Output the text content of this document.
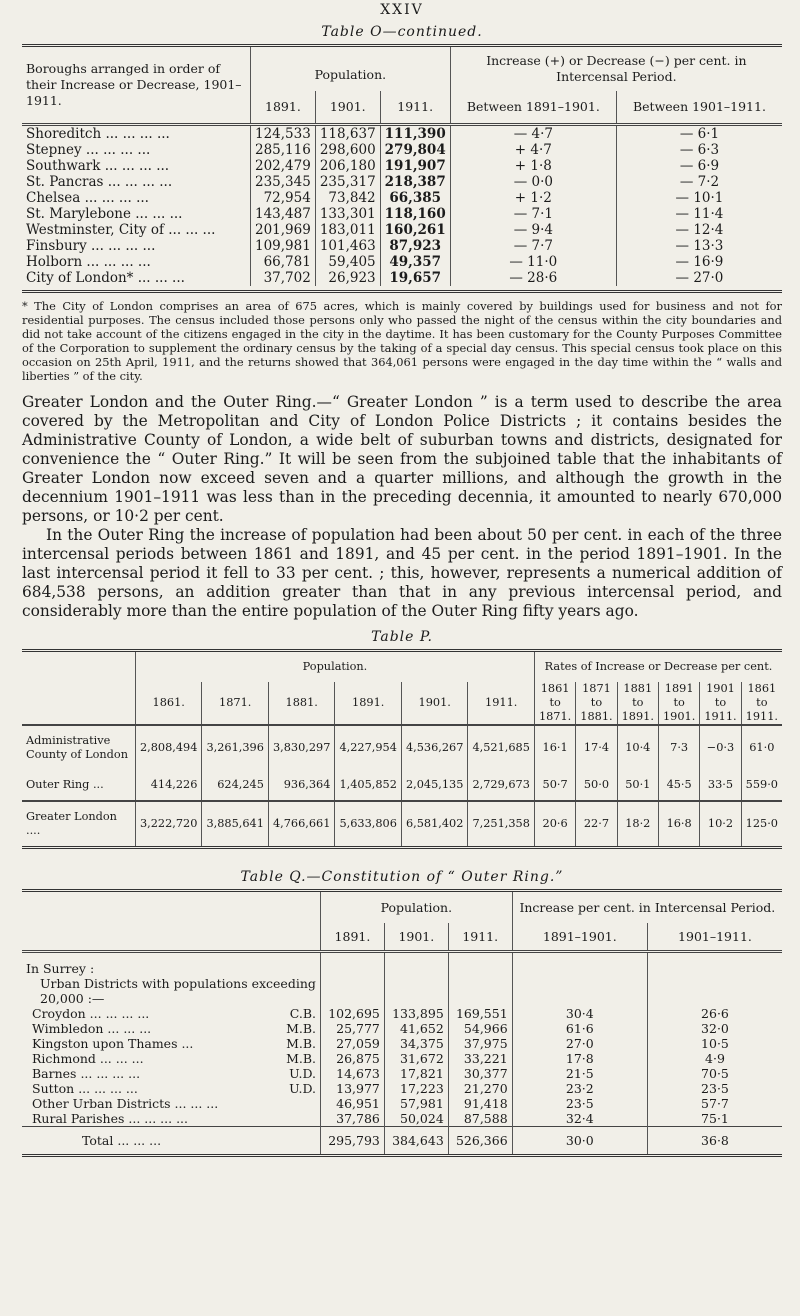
XXIV
Table O—continued.
Boroughs arranged in order of their Increase or Decrease, 1901–1911.	Population.			Increase (+) or Decrease (−) per cent. in Intercensal Period.	
	1891.	1901.	1911.	Between 1891–1901.	Between 1901–1911.
Shoreditch ... ... ... ...	124,533	118,637	111,390	— 4·7	— 6·1
Stepney ... ... ... ...	285,116	298,600	279,804	+ 4·7	— 6·3
Southwark ... ... ... ...	202,479	206,180	191,907	+ 1·8	— 6·9
St. Pancras ... ... ... ...	235,345	235,317	218,387	— 0·0	— 7·2
Chelsea ... ... ... ...	72,954	73,842	66,385	+ 1·2	— 10·1
St. Marylebone ... ... ...	143,487	133,301	118,160	— 7·1	— 11·4
Westminster, City of ... ... ...	201,969	183,011	160,261	— 9·4	— 12·4
Finsbury ... ... ... ...	109,981	101,463	87,923	— 7·7	— 13·3
Holborn ... ... ... ...	66,781	59,405	49,357	— 11·0	— 16·9
City of London* ... ... ...	37,702	26,923	19,657	— 28·6	— 27·0

* The City of London comprises an area of 675 acres, which is mainly covered by buildings used for business and not for residential purposes. The census included those persons only who passed the night of the census within the city boundaries and did not take account of the citizens engaged in the city in the daytime. It has been customary for the County Purposes Committee of the Corporation to supplement the ordinary census by the taking of a special day census. This special census took place on this occasion on 25th April, 1911, and the returns showed that 364,061 persons were engaged in the day time within the “ walls and liberties ” of the city.

Greater London and the Outer Ring.—“ Greater London ” is a term used to describe the area covered by the Metropolitan and City of London Police Districts ; it contains besides the Administrative County of London, a wide belt of suburban towns and districts, designated for convenience the “ Outer Ring.” It will be seen from the subjoined table that the inhabitants of Greater London now exceed seven and a quarter millions, and although the growth in the decennium 1901–1911 was less than in the preceding decennia, it amounted to nearly 670,000 persons, or 10·2 per cent.

In the Outer Ring the increase of population had been about 50 per cent. in each of the three intercensal periods between 1861 and 1891, and 45 per cent. in the period 1891–1901. In the last intercensal period it fell to 33 per cent. ; this, however, represents a numerical addition of 684,538 persons, an addition greater than that in any previous intercensal period, and considerably more than the entire population of the Outer Ring fifty years ago.

Table P.
	Population.						Rates of Increase or Decrease per cent.					
	1861.	1871.	1881.	1891.	1901.	1911.	1861 to 1871.	1871 to 1881.	1881 to 1891.	1891 to 1901.	1901 to 1911.	1861 to 1911.
Administrative County of London	2,808,494	3,261,396	3,830,297	4,227,954	4,536,267	4,521,685	16·1	17·4	10·4	7·3	−0·3	61·0
Outer Ring ...	414,226	624,245	936,364	1,405,852	2,045,135	2,729,673	50·7	50·0	50·1	45·5	33·5	559·0
Greater London ....	3,222,720	3,885,641	4,766,661	5,633,806	6,581,402	7,251,358	20·6	22·7	18·2	16·8	10·2	125·0
Table Q.—Constitution of “ Outer Ring.”
	Population.			Increase per cent. in Intercensal Period.	
	1891.	1901.	1911.	1891–1901.	1901–1911.
In Surrey :					
Urban Districts with populations exceeding 20,000 :—					
Croydon ... ... ... ... C.B.	102,695	133,895	169,551	30·4	26·6
Wimbledon ... ... ... M.B.	25,777	41,652	54,966	61·6	32·0
Kingston upon Thames ... M.B.	27,059	34,375	37,975	27·0	10·5
Richmond ... ... ... M.B.	26,875	31,672	33,221	17·8	4·9
Barnes ... ... ... ... U.D.	14,673	17,821	30,377	21·5	70·5
Sutton ... ... ... ... U.D.	13,977	17,223	21,270	23·2	23·5
Other Urban Districts ... ... ...	46,951	57,981	91,418	23·5	57·7
Rural Parishes ... ... ... ...	37,786	50,024	87,588	32·4	75·1
Total ... ... ...	295,793	384,643	526,366	30·0	36·8
